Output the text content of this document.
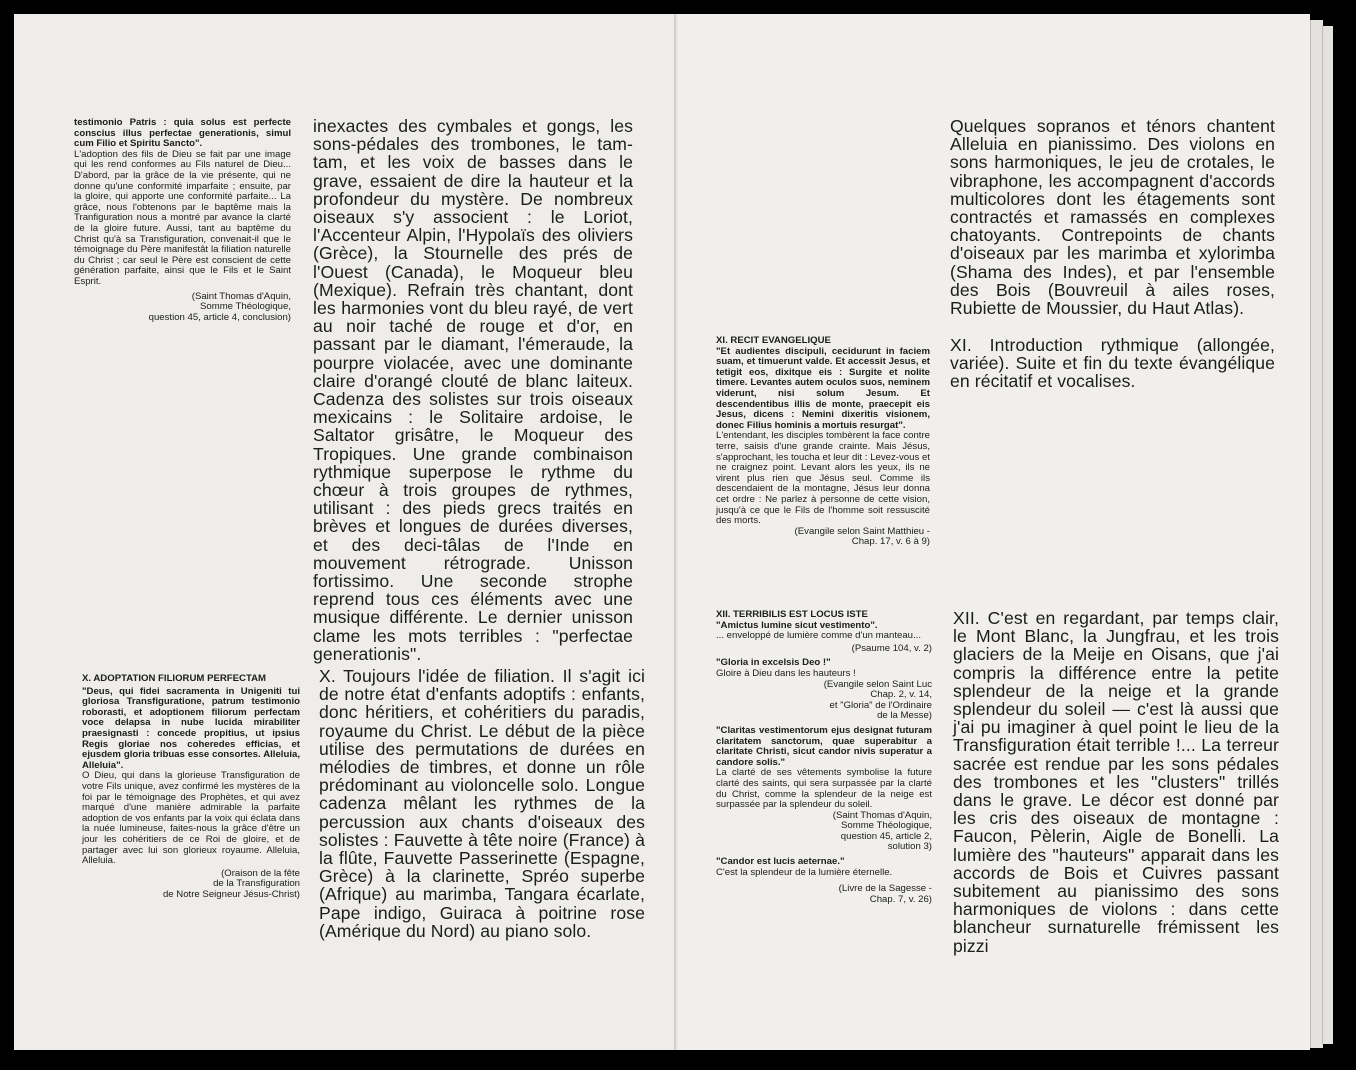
testimonio Patris : quia solus est perfecte conscius illus perfectae generationis, simul cum Filio et Spiritu Sancto".
L'adoption des fils de Dieu se fait par une image qui les rend conformes au Fils naturel de Dieu... D'abord, par la grâce de la vie présente, qui ne donne qu'une conformité imparfaite ; ensuite, par la gloire, qui apporte une conformité parfaite... La grâce, nous l'obtenons par le baptême mais la Tranfiguration nous a montré par avance la clarté de la gloire future. Aussi, tant au baptême du Christ qu'à sa Transfiguration, convenait-il que le témoignage du Père manifestât la filiation naturelle du Christ ; car seul le Père est conscient de cette génération parfaite, ainsi que le Fils et le Saint Esprit.
(Saint Thomas d'Aquin,
Somme Théologique,
question 45, article 4, conclusion)
inexactes des cymbales et gongs, les sons-pédales des trombones, le tam-tam, et les voix de basses dans le grave, essaient de dire la hauteur et la profondeur du mystère. De nombreux oiseaux s'y associent : le Loriot, l'Accenteur Alpin, l'Hypolaïs des oliviers (Grèce), la Stournelle des prés de l'Ouest (Canada), le Moqueur bleu (Mexique). Refrain très chantant, dont les harmonies vont du bleu rayé, de vert au noir taché de rouge et d'or, en passant par le diamant, l'émeraude, la pourpre violacée, avec une dominante claire d'orangé clouté de blanc laiteux. Cadenza des solistes sur trois oiseaux mexicains : le Solitaire ardoise, le Saltator grisâtre, le Moqueur des Tropiques. Une grande combinaison rythmique superpose le rythme du chœur à trois groupes de rythmes, utilisant : des pieds grecs traités en brèves et longues de durées diverses, et des deci-tâlas de l'Inde en mouvement rétrograde. Unisson fortissimo. Une seconde strophe reprend tous ces éléments avec une musique différente. Le dernier unisson clame les mots terribles : "perfectae generationis".
X. ADOPTATION FILIORUM PERFECTAM
"Deus, qui fidei sacramenta in Unigeniti tui gloriosa Transfiguratione, patrum testimonio roborasti, et adoptionem filiorum perfectam voce delapsa in nube lucida mirabiliter praesignasti : concede propitius, ut ipsius Regis gloriae nos coheredes efficias, et ejusdem gloria tribuas esse consortes. Alleluia, Alleluia".
O Dieu, qui dans la glorieuse Transfiguration de votre Fils unique, avez confirmé les mystères de la foi par le témoignage des Prophètes, et qui avez marqué d'une manière admirable la parfaite adoption de vos enfants par la voix qui éclata dans la nuée lumineuse, faites-nous la grâce d'être un jour les cohéritiers de ce Roi de gloire, et de partager avec lui son glorieux royaume. Alleluia, Alleluia.
(Oraison de la fête
de la Transfiguration
de Notre Seigneur Jésus-Christ)
X. Toujours l'idée de filiation. Il s'agit ici de notre état d'enfants adoptifs : enfants, donc héritiers, et cohéritiers du paradis, royaume du Christ. Le début de la pièce utilise des permutations de durées en mélodies de timbres, et donne un rôle prédominant au violoncelle solo. Longue cadenza mêlant les rythmes de la percussion aux chants d'oiseaux des solistes : Fauvette à tête noire (France) à la flûte, Fauvette Passerinette (Espagne, Grèce) à la clarinette, Spréo superbe (Afrique) au marimba, Tangara écarlate, Pape indigo, Guiraca à poitrine rose (Amérique du Nord) au piano solo.
XI. RECIT EVANGELIQUE
"Et audientes discipuli, cecidurunt in faciem suam, et timuerunt valde. Et accessit Jesus, et tetigit eos, dixitque eis : Surgite et nolite timere. Levantes autem oculos suos, neminem viderunt, nisi solum Jesum. Et descendentibus illis de monte, praecepit eis Jesus, dicens : Nemini dixeritis visionem, donec Filius hominis a mortuis resurgat".
L'entendant, les disciples tombèrent la face contre terre, saisis d'une grande crainte. Mais Jésus, s'approchant, les toucha et leur dit : Levez-vous et ne craignez point. Levant alors les yeux, ils ne virent plus rien que Jésus seul. Comme ils descendaient de la montagne, Jésus leur donna cet ordre : Ne parlez à personne de cette vision, jusqu'à ce que le Fils de l'homme soit ressuscité des morts.
(Evangile selon Saint Matthieu -
Chap. 17, v. 6 à 9)
XII. TERRIBILIS EST LOCUS ISTE
"Amictus lumine sicut vestimento".
... enveloppé de lumière comme d'un manteau...
(Psaume 104, v. 2)
"Gloria in excelsis Deo !"
Gloire à Dieu dans les hauteurs !
(Evangile selon Saint Luc
Chap. 2, v. 14,
et "Gloria" de l'Ordinaire
de la Messe)
"Claritas vestimentorum ejus designat futuram claritatem sanctorum, quae superabitur a claritate Christi, sicut candor nivis superatur a candore solis."
La clarté de ses vêtements symbolise la future clarté des saints, qui sera surpassée par la clarté du Christ, comme la splendeur de la neige est surpassée par la splendeur du soleil.
(Saint Thomas d'Aquin,
Somme Théologique,
question 45, article 2,
solution 3)
"Candor est lucis aeternae."
C'est la splendeur de la lumière éternelle.
(Livre de la Sagesse -
Chap. 7, v. 26)
Quelques sopranos et ténors chantent Alleluia en pianissimo. Des violons en sons harmoniques, le jeu de crotales, le vibraphone, les accompagnent d'accords multicolores dont les étagements sont contractés et ramassés en complexes chatoyants. Contrepoints de chants d'oiseaux par les marimba et xylorimba (Shama des Indes), et par l'ensemble des Bois (Bouvreuil à ailes roses, Rubiette de Moussier, du Haut Atlas).
XI. Introduction rythmique (allongée, variée). Suite et fin du texte évangélique en récitatif et vocalises.
XII. C'est en regardant, par temps clair, le Mont Blanc, la Jungfrau, et les trois glaciers de la Meije en Oisans, que j'ai compris la différence entre la petite splendeur de la neige et la grande splendeur du soleil — c'est là aussi que j'ai pu imaginer à quel point le lieu de la Transfiguration était terrible !... La terreur sacrée est rendue par les sons pédales des trombones et les "clusters" trillés dans le grave. Le décor est donné par les cris des oiseaux de montagne : Faucon, Pèlerin, Aigle de Bonelli. La lumière des "hauteurs" apparait dans les accords de Bois et Cuivres passant subitement au pianissimo des sons harmoniques de violons : dans cette blancheur surnaturelle frémissent les pizzi
